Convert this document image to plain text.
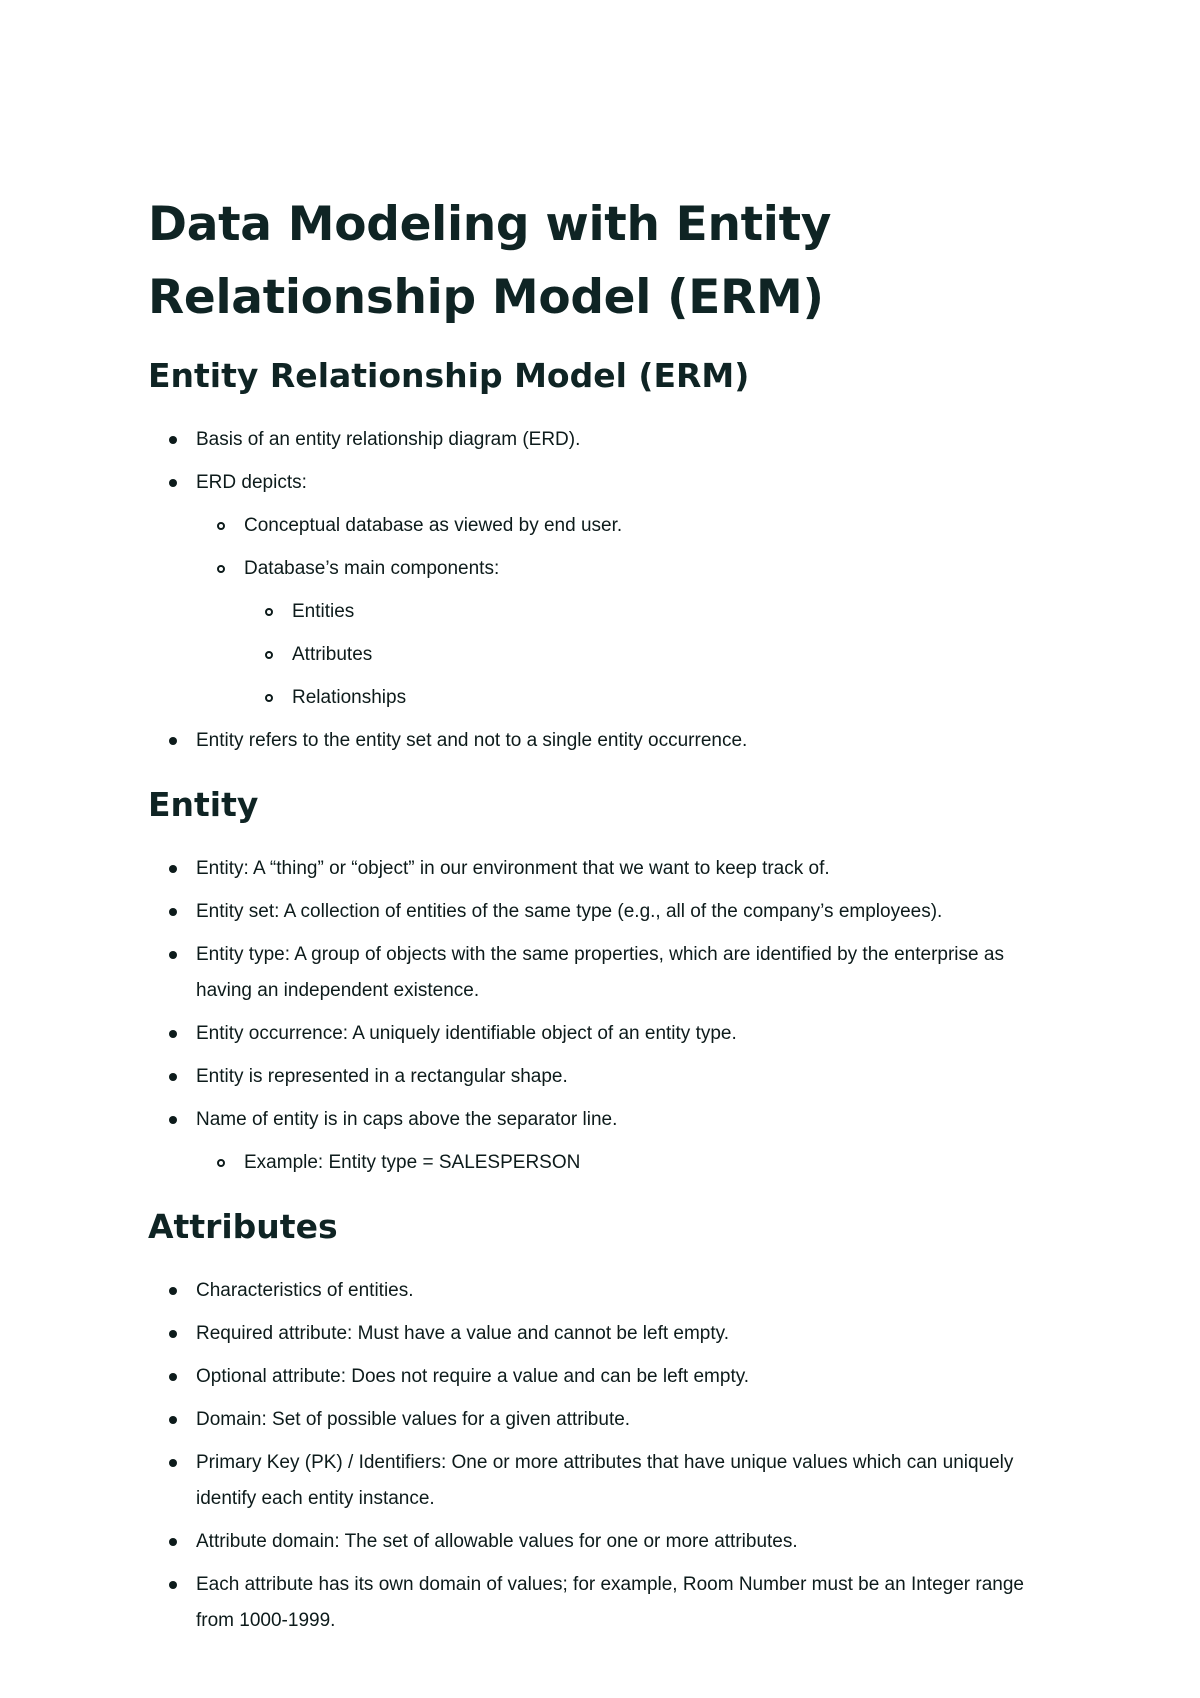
Data Modeling with Entity Relationship Model (ERM)
Entity Relationship Model (ERM)
Basis of an entity relationship diagram (ERD).
ERD depicts:
Conceptual database as viewed by end user.
Database’s main components:
Entities
Attributes
Relationships
Entity refers to the entity set and not to a single entity occurrence.
Entity
Entity: A “thing” or “object” in our environment that we want to keep track of.
Entity set: A collection of entities of the same type (e.g., all of the company’s employees).
Entity type: A group of objects with the same properties, which are identified by the enterprise as having an independent existence.
Entity occurrence: A uniquely identifiable object of an entity type.
Entity is represented in a rectangular shape.
Name of entity is in caps above the separator line.
Example: Entity type = SALESPERSON
Attributes
Characteristics of entities.
Required attribute: Must have a value and cannot be left empty.
Optional attribute: Does not require a value and can be left empty.
Domain: Set of possible values for a given attribute.
Primary Key (PK) / Identifiers: One or more attributes that have unique values which can uniquely identify each entity instance.
Attribute domain: The set of allowable values for one or more attributes.
Each attribute has its own domain of values; for example, Room Number must be an Integer range from 1000-1999.
